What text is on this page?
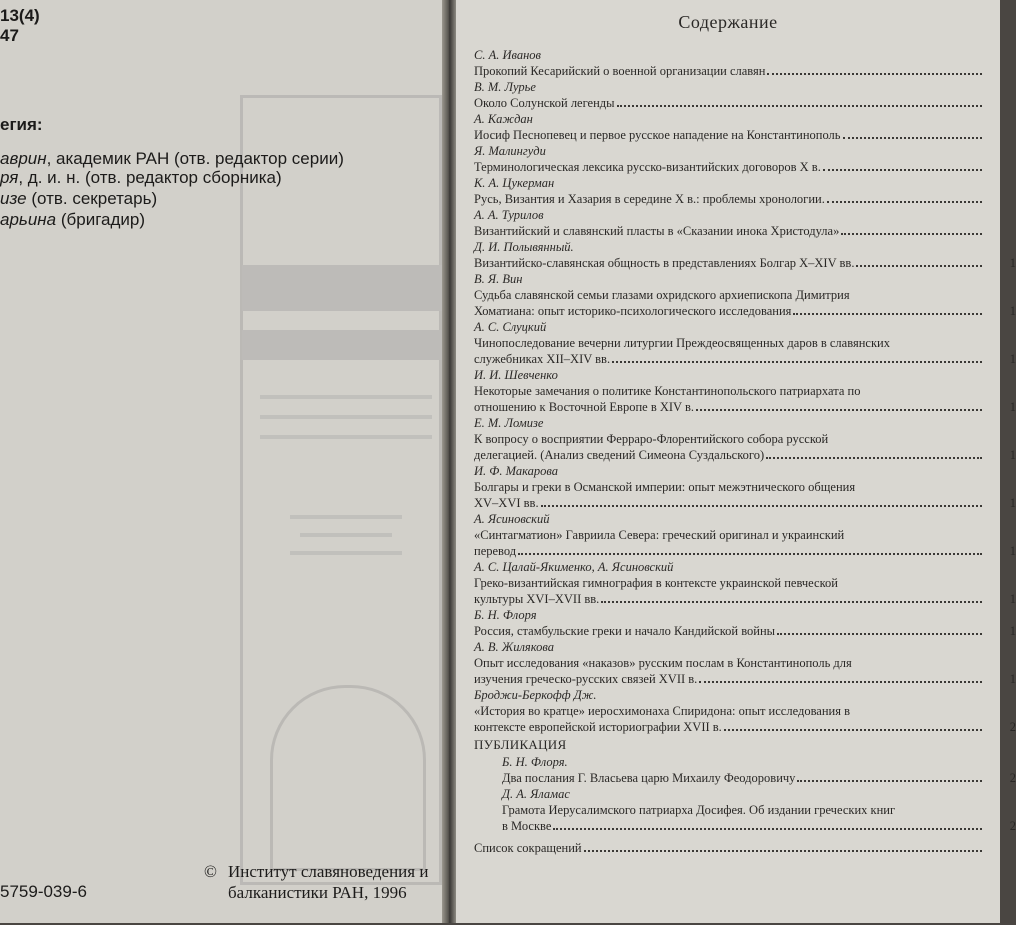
13(4)
47
егия:
аврин, академик РАН (отв. редактор серии)
ря, д. и. н. (отв. редактор сборника)
изе (отв. секретарь)
арьина (бригадир)
5759-039-6
© Институт славяноведения и
балканистики РАН, 1996
Содержание
С. А. Иванов
Прокопий Кесарийский о военной организации славян
В. М. Лурье
Около Солунской легенды
А. Каждан
Иосиф Песнопевец и первое русское нападение на Константинополь
Я. Малингуди
Терминологическая лексика русско-византийских договоров X в.
К. А. Цукерман
Русь, Византия и Хазария в середине X в.: проблемы хронологии.
А. А. Турилов
Византийский и славянский пласты в «Сказании инока Христодула»
Д. И. Полывянный.
Византийско-славянская общность в представлениях Болгар X–XIV вв.	1
В. Я. Вин
Судьба славянской семьи глазами охридского архиепископа Димитрия
Хоматиана: опыт историко-психологического исследования	1
А. С. Слуцкий
Чинопоследование вечерни литургии Преждеосвященных даров в славянских
служебниках XII–XIV вв.	1
И. И. Шевченко
Некоторые замечания о политике Константинопольского патриархата по
отношению к Восточной Европе в XIV в.	1
Е. М. Ломизе
К вопросу о восприятии Ферраро-Флорентийского собора русской
делегацией. (Анализ сведений Симеона Суздальского)	1
И. Ф. Макарова
Болгары и греки в Османской империи: опыт межэтнического общения
XV–XVI вв.	1
А. Ясиновский
«Синтагматион» Гавриила Севера: греческий оригинал и украинский
перевод	1
А. С. Цалай-Якименко, А. Ясиновский
Греко-византийская гимнография в контексте украинской певческой
культуры XVI–XVII вв.	1
Б. Н. Флоря
Россия, стамбульские греки и начало Кандийской войны	1
А. В. Жилякова
Опыт исследования «наказов» русским послам в Константинополь для
изучения греческо-русских связей XVII в.	1
Броджи-Беркофф Дж.
«История во кратце» иеросхимонаха Спиридона: опыт исследования в
контексте европейской историографии XVII в.	2
ПУБЛИКАЦИЯ
Б. Н. Флоря.
Два послания Г. Власьева царю Михаилу Феодоровичу	2
Д. А. Яламас
Грамота Иерусалимского патриарха Досифея. Об издании греческих книг
в Москве	2
Список сокращений
